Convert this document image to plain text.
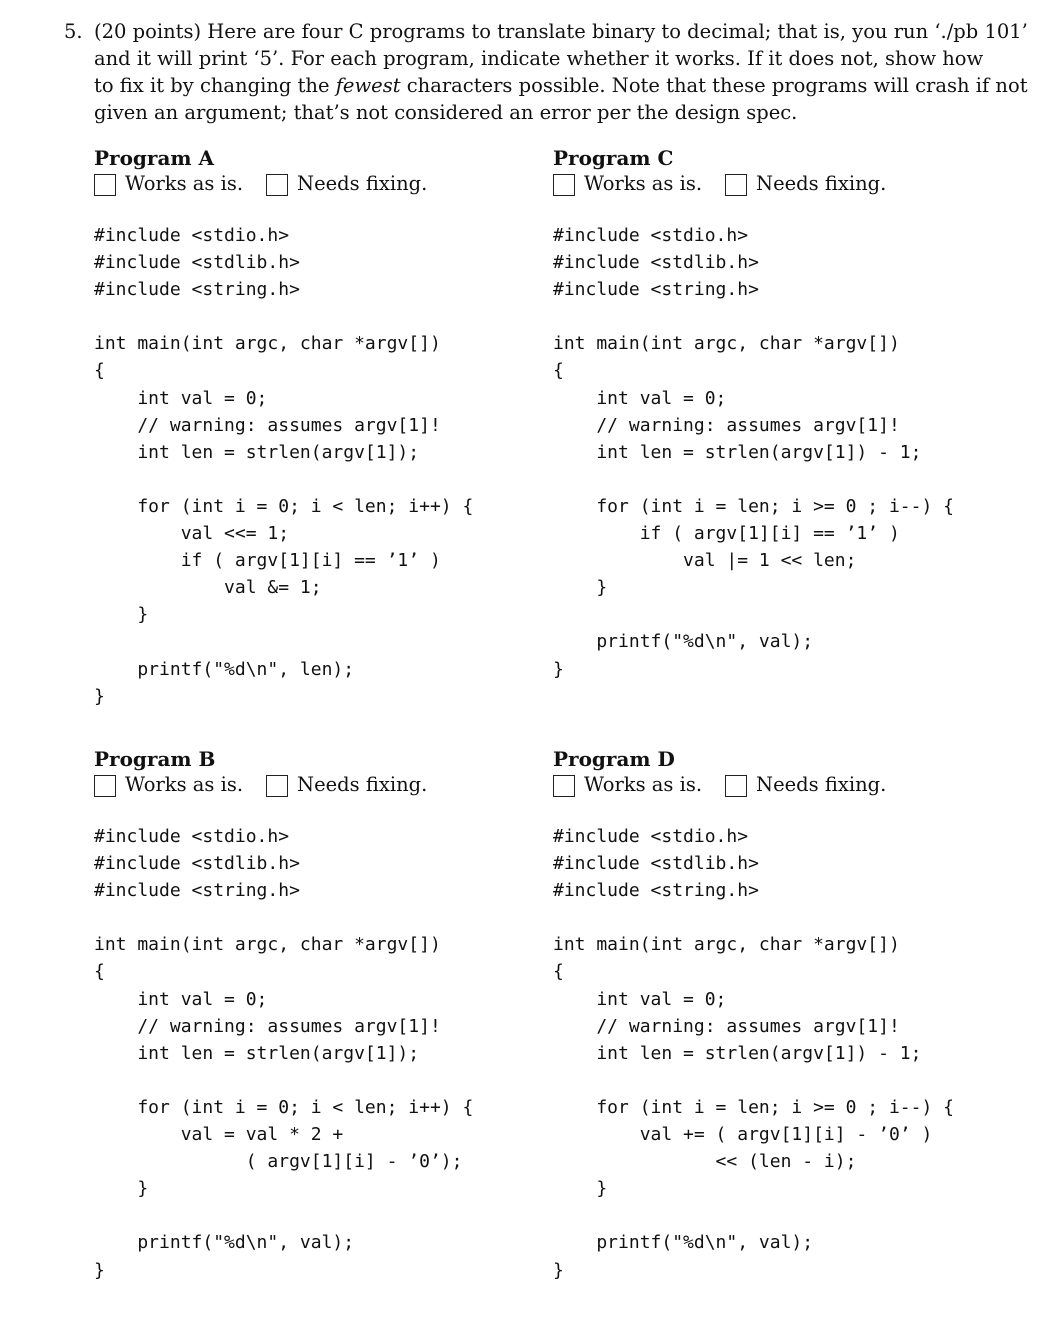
5. (20 points) Here are four C programs to translate binary to decimal; that is, you run ‘./pb 101’
and it will print ‘5’. For each program, indicate whether it works. If it does not, show how
to fix it by changing the fewest characters possible. Note that these programs will crash if not
given an argument; that’s not considered an error per the design spec.
Program A
Works as is.	Needs fixing.
#include <stdio.h>
#include <stdlib.h>
#include <string.h>
int main(int argc, char *argv[])
{
int val = 0;
// warning: assumes argv[1]!
int len = strlen(argv[1]);
for (int i = 0; i < len; i++) {
val <<= 1;
if ( argv[1][i] == ’1’ )
val &= 1;
}
printf("%d\n", len);
}
Program C
Works as is.	Needs fixing.
#include <stdio.h>
#include <stdlib.h>
#include <string.h>
int main(int argc, char *argv[])
{
int val = 0;
// warning: assumes argv[1]!
int len = strlen(argv[1]) - 1;
for (int i = len; i >= 0 ; i--) {
if ( argv[1][i] == ’1’ )
val |= 1 << len;
}
printf("%d\n", val);
}
Program B
Works as is.	Needs fixing.
#include <stdio.h>
#include <stdlib.h>
#include <string.h>
int main(int argc, char *argv[])
{
int val = 0;
// warning: assumes argv[1]!
int len = strlen(argv[1]);
for (int i = 0; i < len; i++) {
val = val * 2 +
( argv[1][i] - ’0’);
}
printf("%d\n", val);
}
Program D
Works as is.	Needs fixing.
#include <stdio.h>
#include <stdlib.h>
#include <string.h>
int main(int argc, char *argv[])
{
int val = 0;
// warning: assumes argv[1]!
int len = strlen(argv[1]) - 1;
for (int i = len; i >= 0 ; i--) {
val += ( argv[1][i] - ’0’ )
<< (len - i);
}
printf("%d\n", val);
}
